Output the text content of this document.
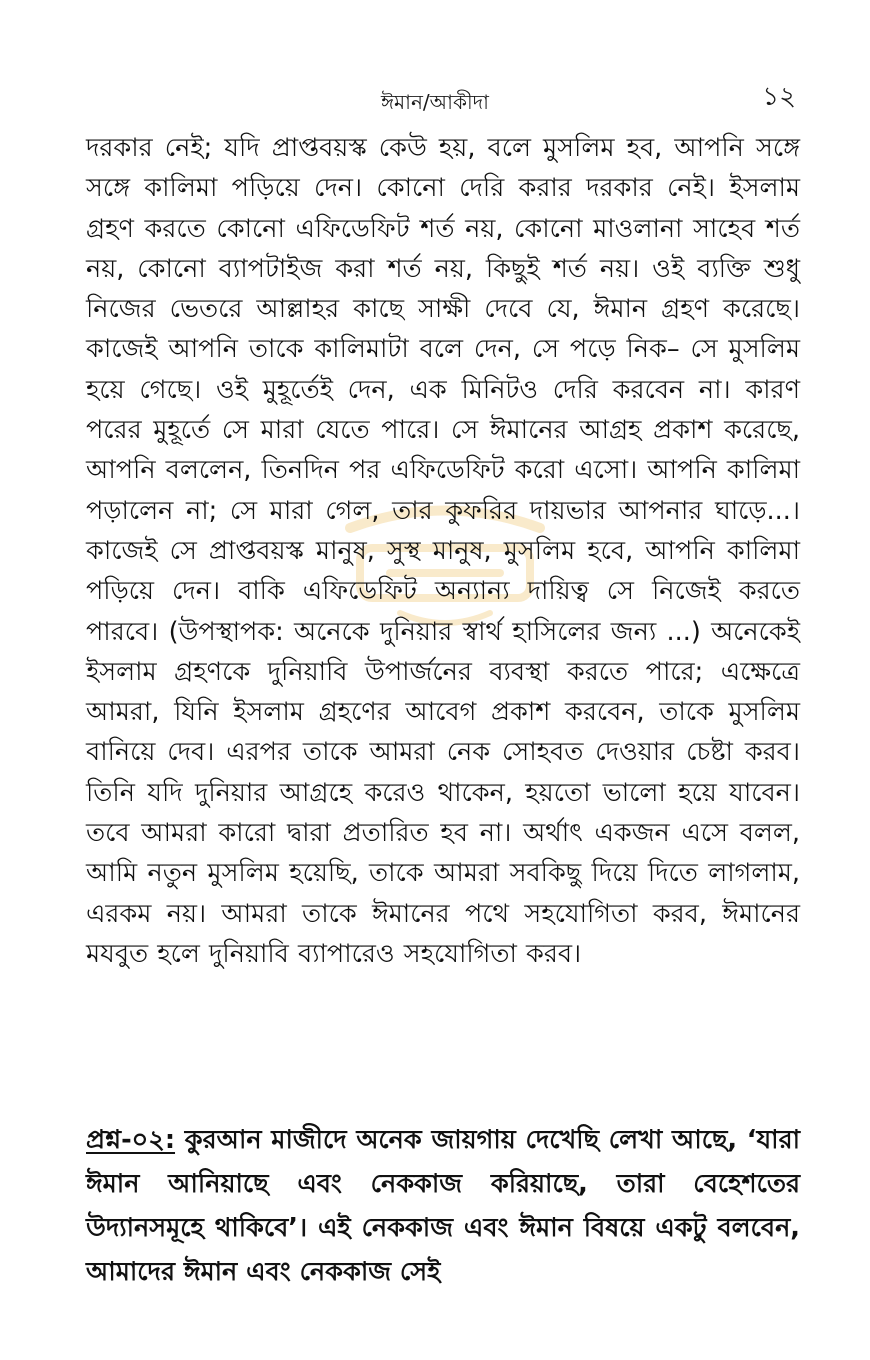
ঈমান/আকীদা	১২

দরকার নেই; যদি প্রাপ্তবয়স্ক কেউ হয়, বলে মুসলিম হব, আপনি সঙ্গে সঙ্গে কালিমা পড়িয়ে দেন। কোনো দেরি করার দরকার নেই। ইসলাম গ্রহণ করতে কোনো এফিডেফিট শর্ত নয়, কোনো মাওলানা সাহেব শর্ত নয়, কোনো ব্যাপটাইজ করা শর্ত নয়, কিছুই শর্ত নয়। ওই ব্যক্তি শুধু নিজের ভেতরে আল্লাহর কাছে সাক্ষী দেবে যে, ঈমান গ্রহণ করেছে। কাজেই আপনি তাকে কালিমাটা বলে দেন, সে পড়ে নিক– সে মুসলিম হয়ে গেছে। ওই মুহূর্তেই দেন, এক মিনিটও দেরি করবেন না। কারণ পরের মুহূর্তে সে মারা যেতে পারে। সে ঈমানের আগ্রহ প্রকাশ করেছে, আপনি বললেন, তিনদিন পর এফিডেফিট করো এসো। আপনি কালিমা পড়ালেন না; সে মারা গেল, তার কুফরির দায়ভার আপনার ঘাড়ে...। কাজেই সে প্রাপ্তবয়স্ক মানুষ, সুস্থ মানুষ, মুসলিম হবে, আপনি কালিমা পড়িয়ে দেন। বাকি এফিডেফিট অন্যান্য দায়িত্ব সে নিজেই করতে পারবে। (উপস্থাপক: অনেকে দুনিয়ার স্বার্থ হাসিলের জন্য ...) অনেকেই ইসলাম গ্রহণকে দুনিয়াবি উপার্জনের ব্যবস্থা করতে পারে; এক্ষেত্রে আমরা, যিনি ইসলাম গ্রহণের আবেগ প্রকাশ করবেন, তাকে মুসলিম বানিয়ে দেব। এরপর তাকে আমরা নেক সোহবত দেওয়ার চেষ্টা করব। তিনি যদি দুনিয়ার আগ্রহে করেও থাকেন, হয়তো ভালো হয়ে যাবেন। তবে আমরা কারো দ্বারা প্রতারিত হব না। অর্থাৎ একজন এসে বলল, আমি নতুন মুসলিম হয়েছি, তাকে আমরা সবকিছু দিয়ে দিতে লাগলাম, এরকম নয়। আমরা তাকে ঈমানের পথে সহযোগিতা করব, ঈমানের মযবুত হলে দুনিয়াবি ব্যাপারেও সহযোগিতা করব।

প্রশ্ন-০২: কুরআন মাজীদে অনেক জায়গায় দেখেছি লেখা আছে, ‘যারা ঈমান আনিয়াছে এবং নেককাজ করিয়াছে, তারা বেহেশতের উদ্যানসমূহে থাকিবে’। এই নেককাজ এবং ঈমান বিষয়ে একটু বলবেন, আমাদের ঈমান এবং নেককাজ সেই
